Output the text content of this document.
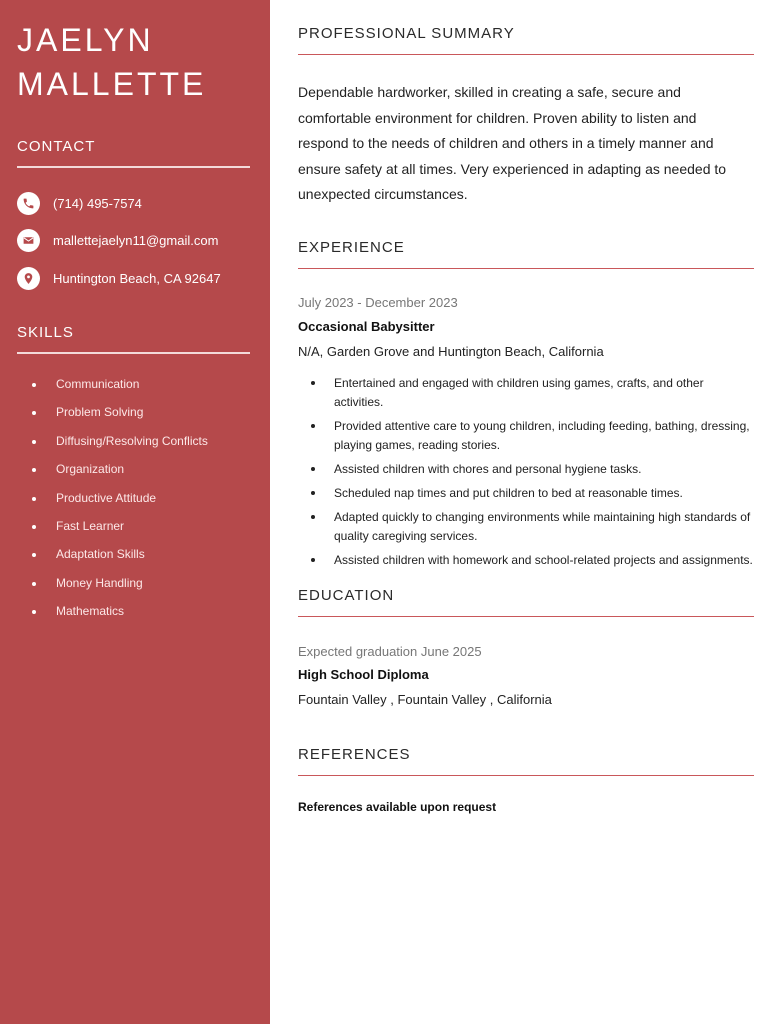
JAELYN
MALLETTE
CONTACT
(714) 495-7574
mallettejaelyn11@gmail.com
Huntington Beach, CA 92647
SKILLS
Communication
Problem Solving
Diffusing/Resolving Conflicts
Organization
Productive Attitude
Fast Learner
Adaptation Skills
Money Handling
Mathematics
PROFESSIONAL SUMMARY

Dependable hardworker, skilled in creating a safe, secure and comfortable environment for children. Proven ability to listen and respond to the needs of children and others in a timely manner and ensure safety at all times. Very experienced in adapting as needed to unexpected circumstances.

EXPERIENCE
July 2023 - December 2023
Occasional Babysitter
N/A, Garden Grove and Huntington Beach, California
Entertained and engaged with children using games, crafts, and other activities.
Provided attentive care to young children, including feeding, bathing, dressing, playing games, reading stories.
Assisted children with chores and personal hygiene tasks.
Scheduled nap times and put children to bed at reasonable times.
Adapted quickly to changing environments while maintaining high standards of quality caregiving services.
Assisted children with homework and school-related projects and assignments.
EDUCATION
Expected graduation June 2025
High School Diploma
Fountain Valley , Fountain Valley , California
REFERENCES
References available upon request
